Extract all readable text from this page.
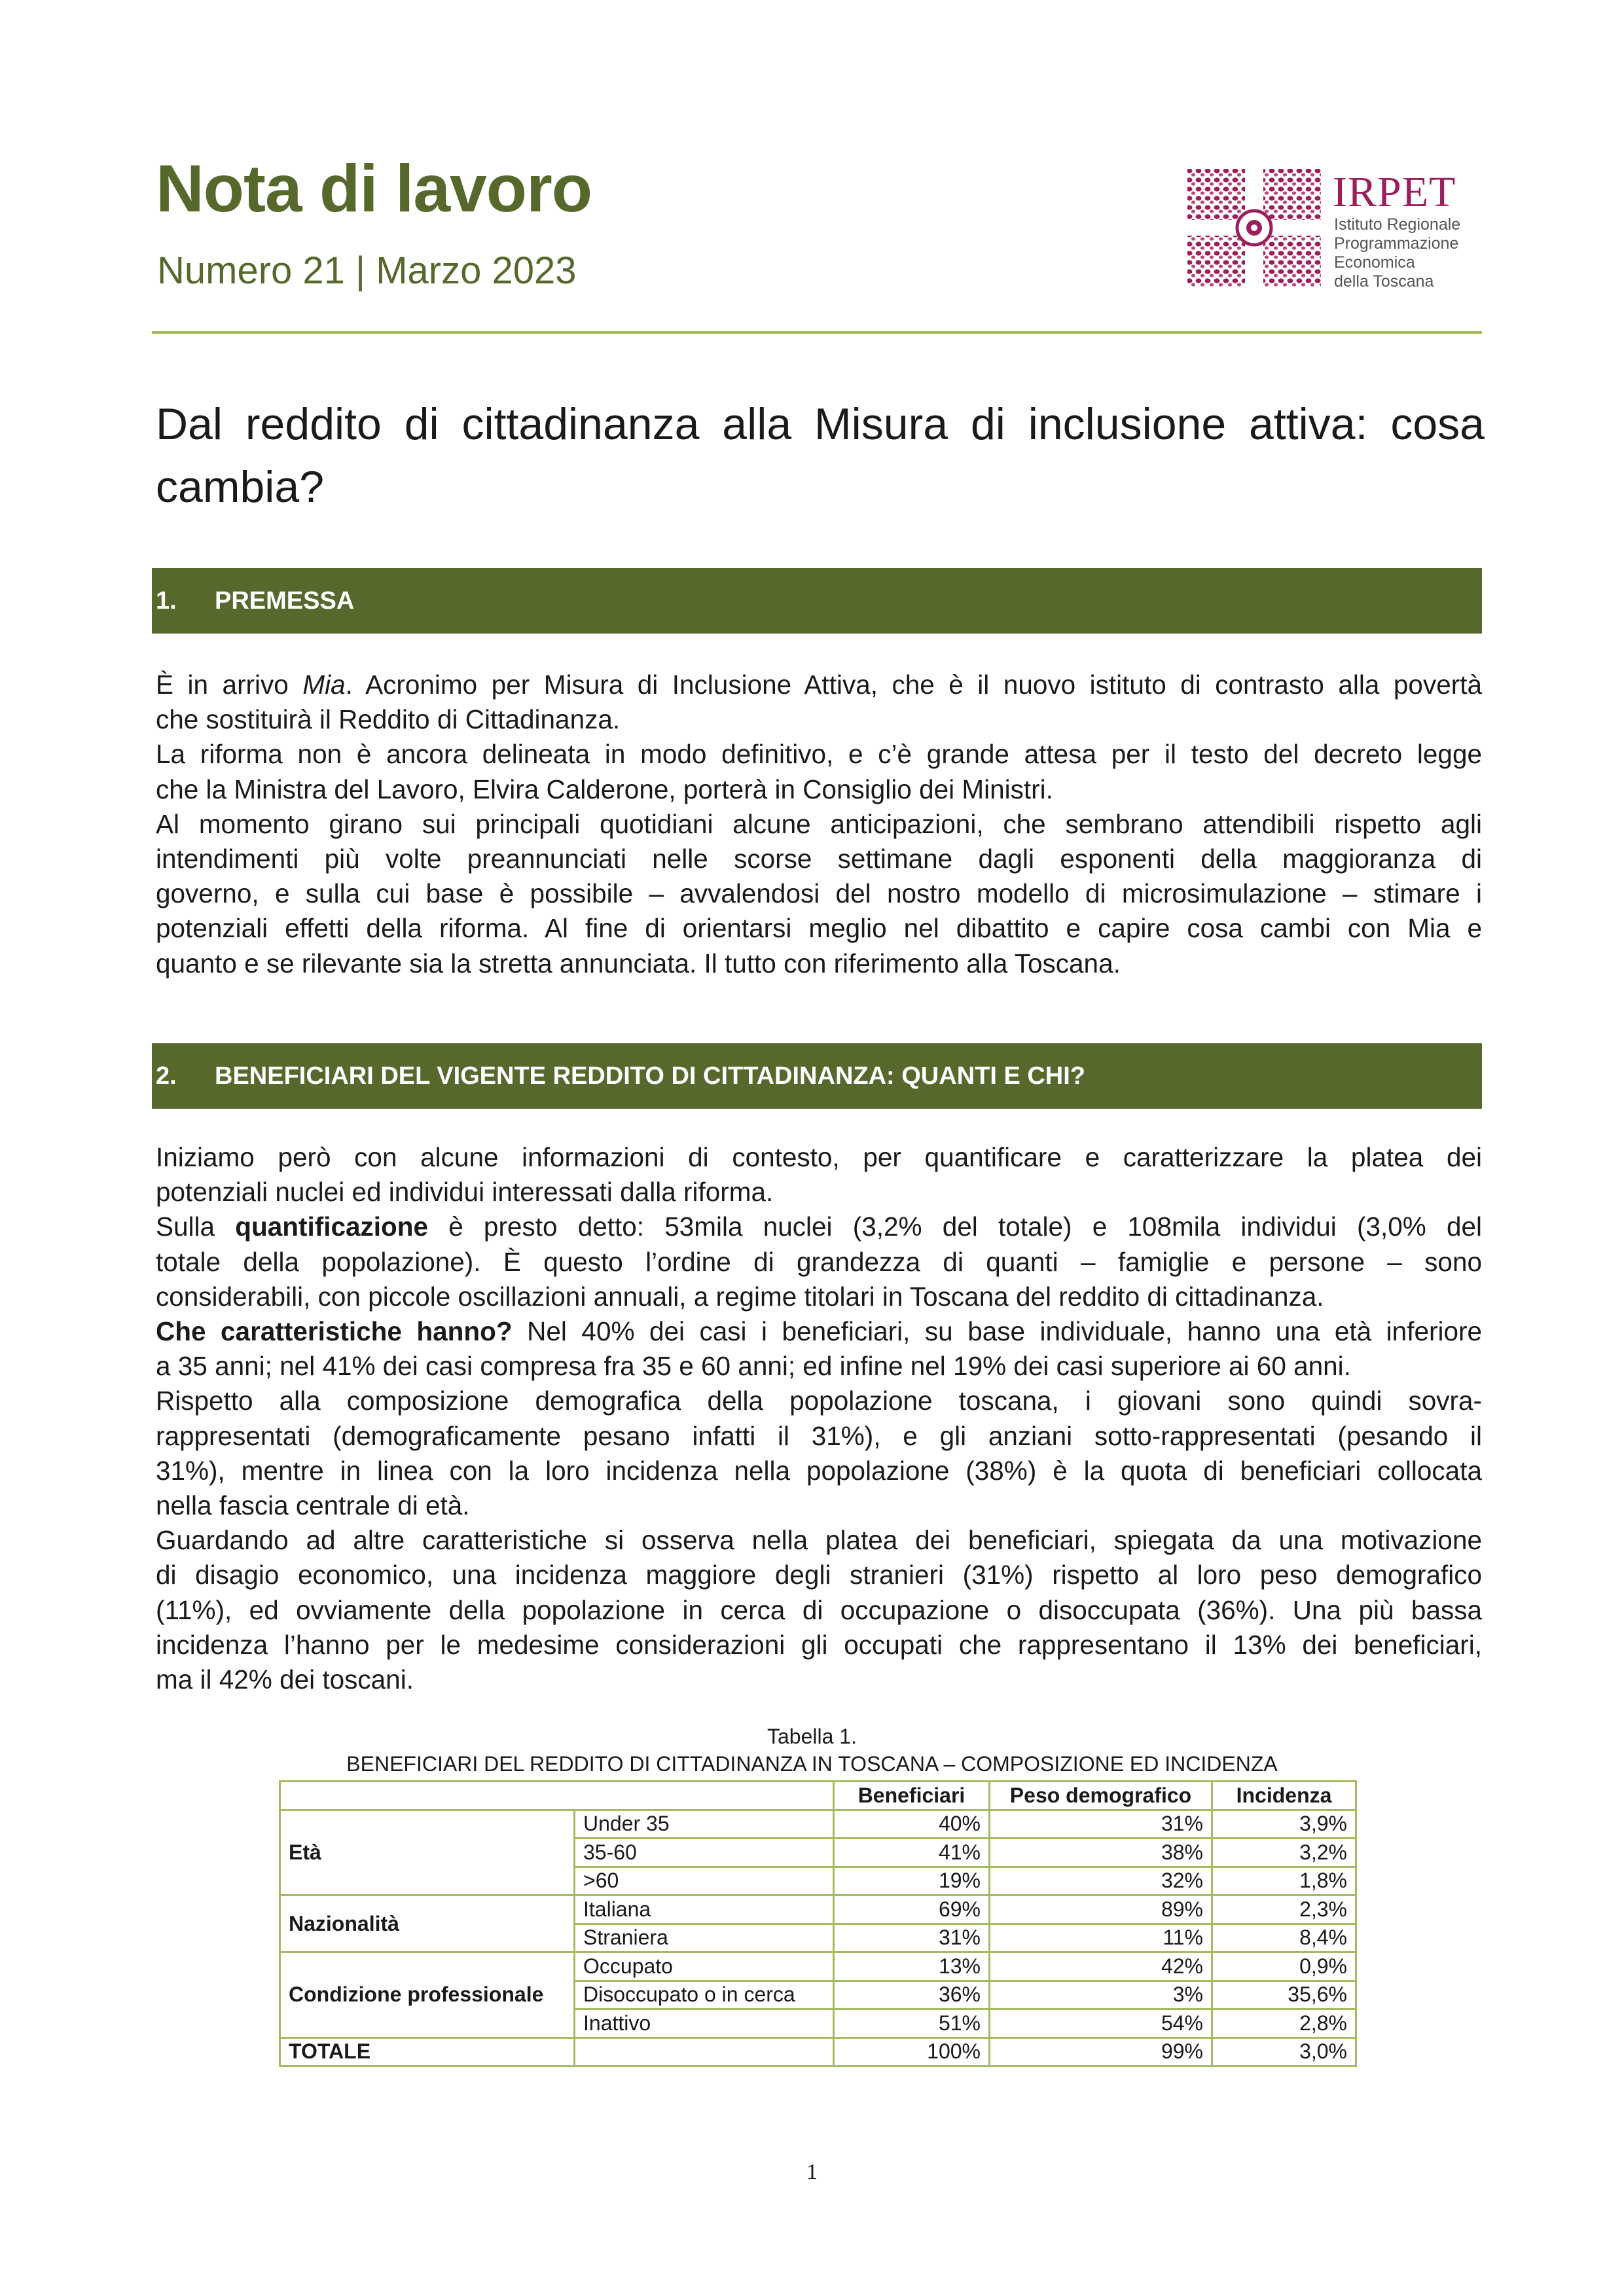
Nota di lavoro
Numero 21 | Marzo 2023
IRPET
Istituto Regionale
Programmazione
Economica
della Toscana
Dal reddito di cittadinanza alla Misura di inclusione attiva: cosa cambia?
1.	PREMESSA
È in arrivo Mia. Acronimo per Misura di Inclusione Attiva, che è il nuovo istituto di contrasto alla povertà
che sostituirà il Reddito di Cittadinanza.
La riforma non è ancora delineata in modo definitivo, e c’è grande attesa per il testo del decreto legge
che la Ministra del Lavoro, Elvira Calderone, porterà in Consiglio dei Ministri.
Al momento girano sui principali quotidiani alcune anticipazioni, che sembrano attendibili rispetto agli
intendimenti più volte preannunciati nelle scorse settimane dagli esponenti della maggioranza di
governo, e sulla cui base è possibile – avvalendosi del nostro modello di microsimulazione – stimare i
potenziali effetti della riforma. Al fine di orientarsi meglio nel dibattito e capire cosa cambi con Mia e
quanto e se rilevante sia la stretta annunciata. Il tutto con riferimento alla Toscana.
2.	BENEFICIARI DEL VIGENTE REDDITO DI CITTADINANZA: QUANTI E CHI?
Iniziamo però con alcune informazioni di contesto, per quantificare e caratterizzare la platea dei
potenziali nuclei ed individui interessati dalla riforma.
Sulla quantificazione è presto detto: 53mila nuclei (3,2% del totale) e 108mila individui (3,0% del
totale della popolazione). È questo l’ordine di grandezza di quanti – famiglie e persone – sono
considerabili, con piccole oscillazioni annuali, a regime titolari in Toscana del reddito di cittadinanza.
Che caratteristiche hanno? Nel 40% dei casi i beneficiari, su base individuale, hanno una età inferiore
a 35 anni; nel 41% dei casi compresa fra 35 e 60 anni; ed infine nel 19% dei casi superiore ai 60 anni.
Rispetto alla composizione demografica della popolazione toscana, i giovani sono quindi sovra-
rappresentati (demograficamente pesano infatti il 31%), e gli anziani sotto-rappresentati (pesando il
31%), mentre in linea con la loro incidenza nella popolazione (38%) è la quota di beneficiari collocata
nella fascia centrale di età.
Guardando ad altre caratteristiche si osserva nella platea dei beneficiari, spiegata da una motivazione
di disagio economico, una incidenza maggiore degli stranieri (31%) rispetto al loro peso demografico
(11%), ed ovviamente della popolazione in cerca di occupazione o disoccupata (36%). Una più bassa
incidenza l’hanno per le medesime considerazioni gli occupati che rappresentano il 13% dei beneficiari,
ma il 42% dei toscani.
Tabella 1.
BENEFICIARI DEL REDDITO DI CITTADINANZA IN TOSCANA – COMPOSIZIONE ED INCIDENZA
		Beneficiari	Peso demografico	Incidenza
Età	Under 35	40%	31%	3,9%
	35-60	41%	38%	3,2%
	>60	19%	32%	1,8%
Nazionalità	Italiana	69%	89%	2,3%
	Straniera	31%	11%	8,4%
Condizione professionale	Occupato	13%	42%	0,9%
	Disoccupato o in cerca	36%	3%	35,6%
	Inattivo	51%	54%	2,8%
TOTALE		100%	99%	3,0%
1
